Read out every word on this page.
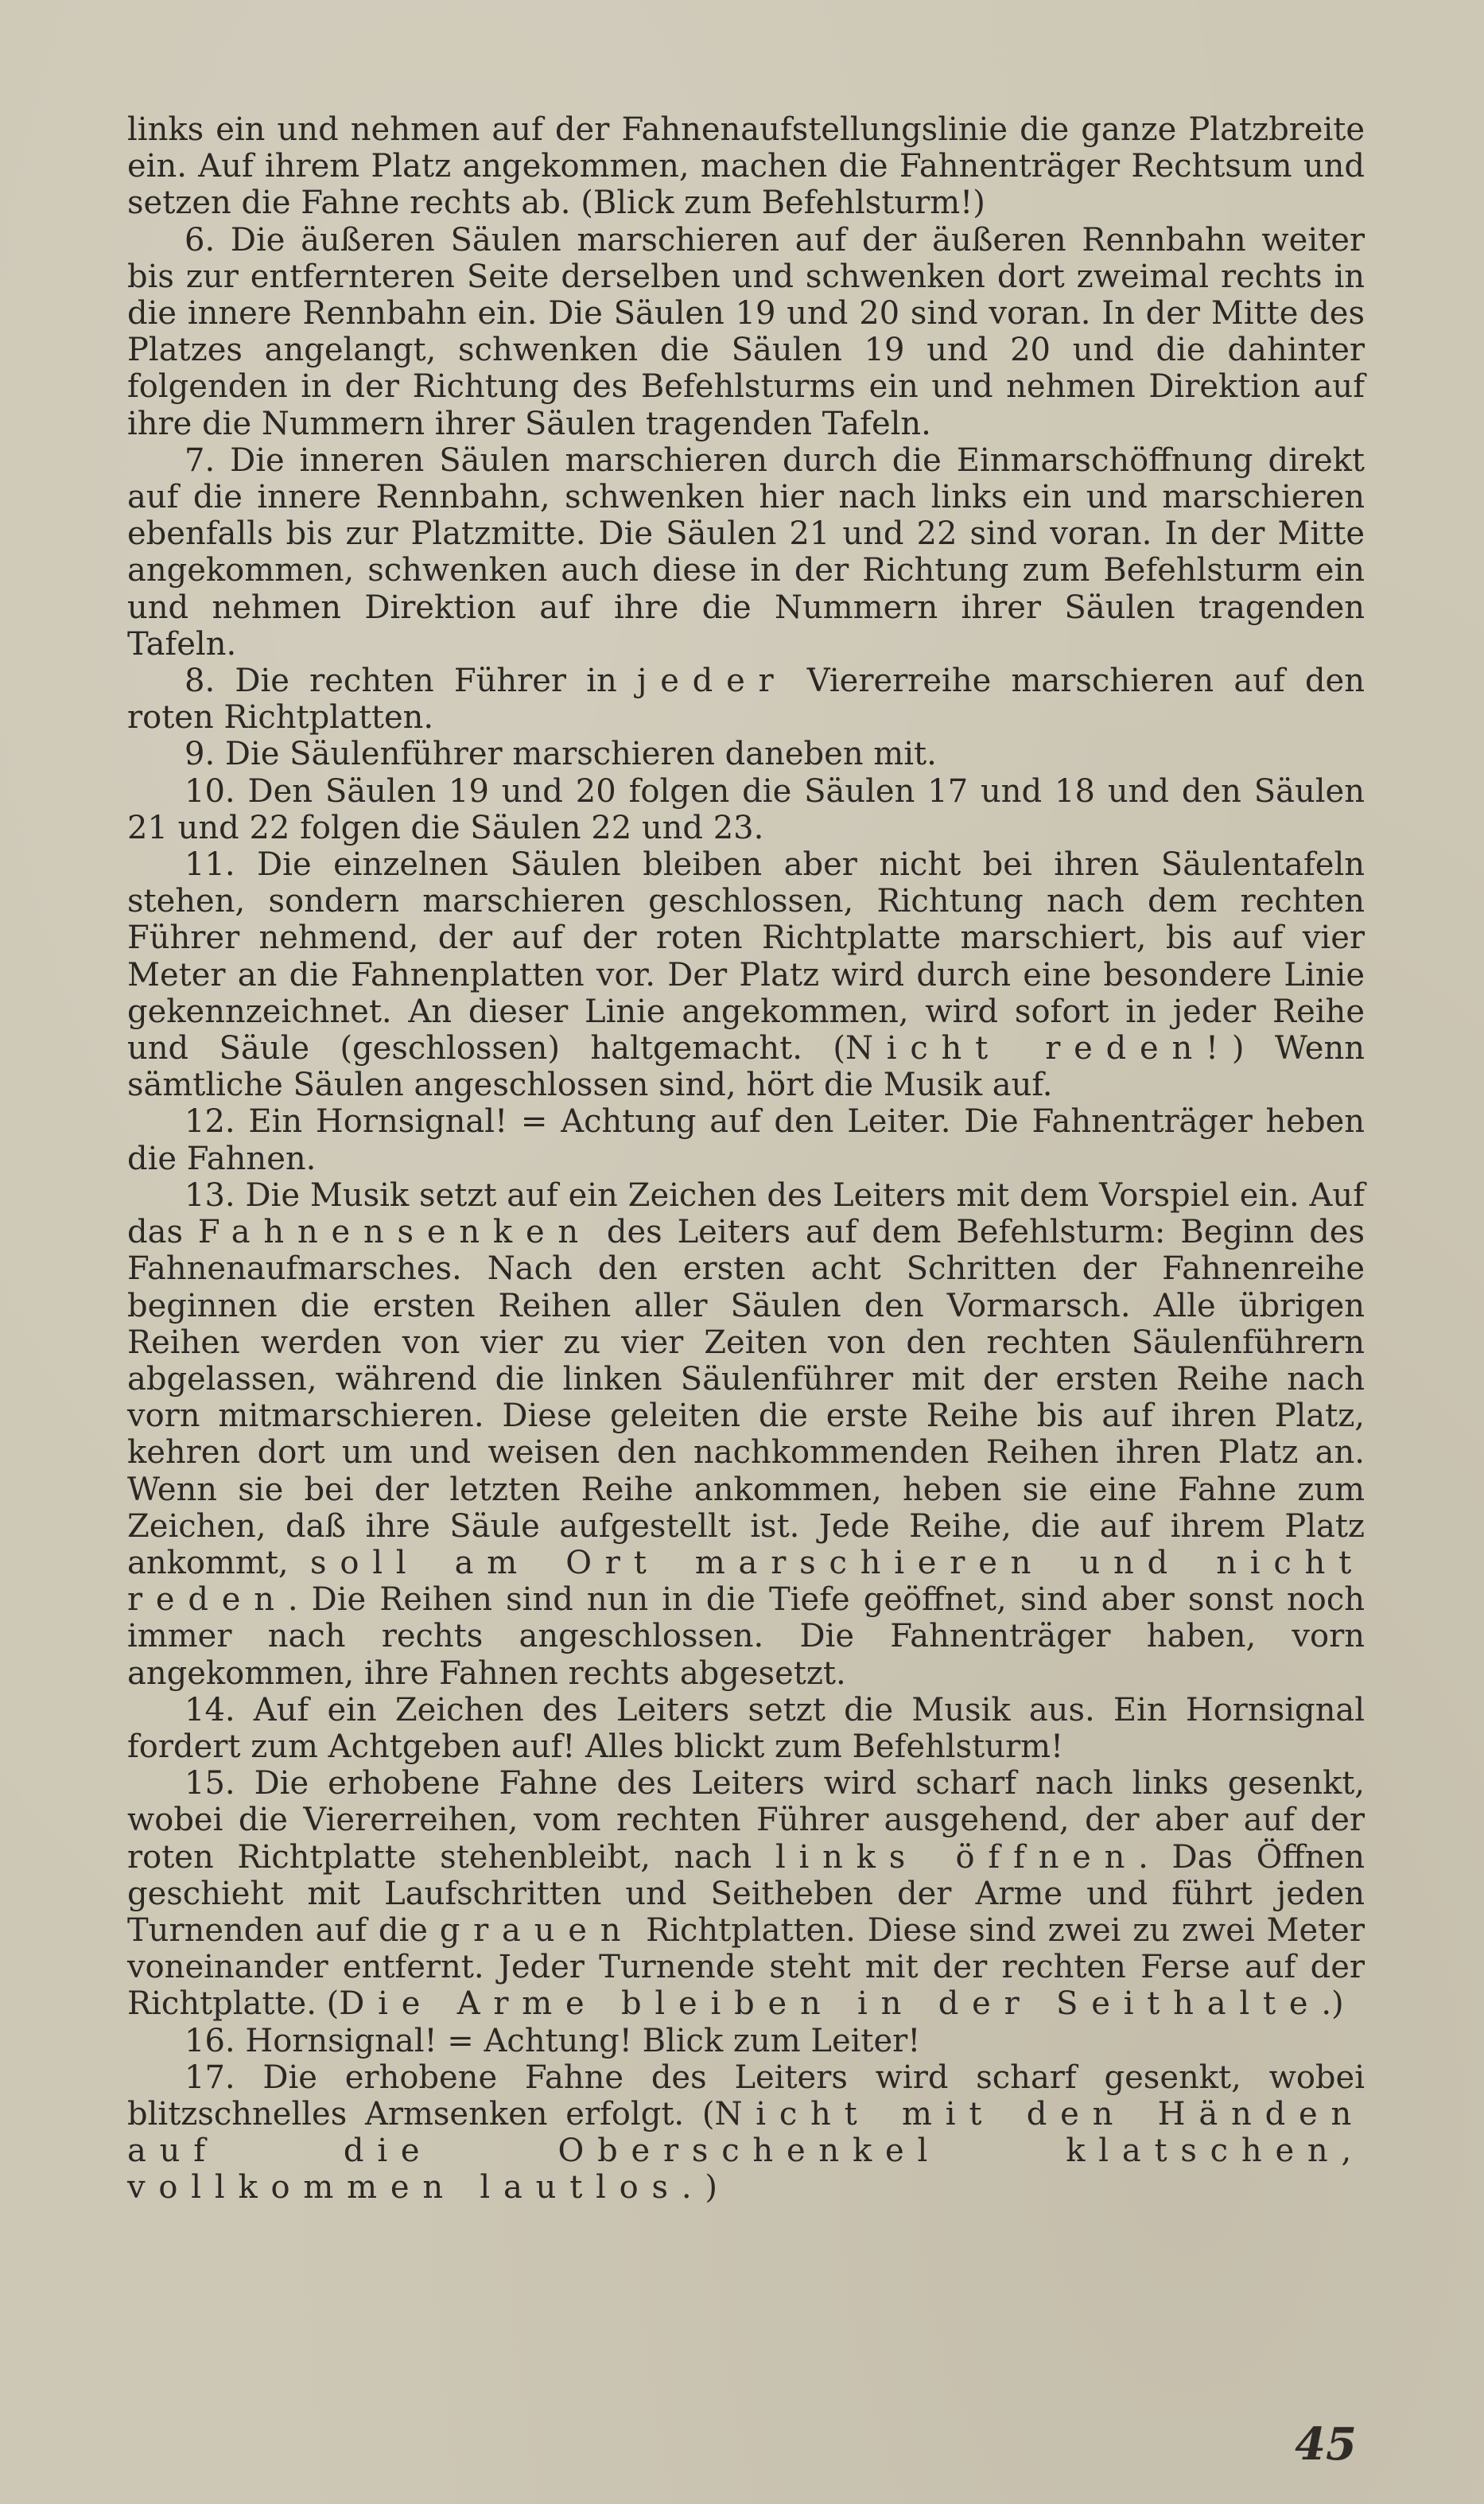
links ein und nehmen auf der Fahnenaufstellungslinie die ganze Platzbreite ein. Auf ihrem Platz angekommen, machen die Fahnenträger Rechtsum und setzen die Fahne rechts ab. (Blick zum Befehlsturm!)

6. Die äußeren Säulen marschieren auf der äußeren Rennbahn weiter bis zur entfernteren Seite derselben und schwenken dort zweimal rechts in die innere Rennbahn ein. Die Säulen 19 und 20 sind voran. In der Mitte des Platzes angelangt, schwenken die Säulen 19 und 20 und die dahinter folgenden in der Richtung des Befehlsturms ein und nehmen Direktion auf ihre die Nummern ihrer Säulen tragenden Tafeln.

7. Die inneren Säulen marschieren durch die Einmarschöffnung direkt auf die innere Rennbahn, schwenken hier nach links ein und marschieren ebenfalls bis zur Platzmitte. Die Säulen 21 und 22 sind voran. In der Mitte angekommen, schwenken auch diese in der Richtung zum Befehlsturm ein und nehmen Direktion auf ihre die Nummern ihrer Säulen tragenden Tafeln.

8. Die rechten Führer in jeder Viererreihe marschieren auf den roten Richtplatten.

9. Die Säulenführer marschieren daneben mit.

10. Den Säulen 19 und 20 folgen die Säulen 17 und 18 und den Säulen 21 und 22 folgen die Säulen 22 und 23.

11. Die einzelnen Säulen bleiben aber nicht bei ihren Säulentafeln stehen, sondern marschieren geschlossen, Richtung nach dem rechten Führer nehmend, der auf der roten Richtplatte marschiert, bis auf vier Meter an die Fahnenplatten vor. Der Platz wird durch eine besondere Linie gekennzeichnet. An dieser Linie angekommen, wird sofort in jeder Reihe und Säule (geschlossen) haltgemacht. (Nicht reden!) Wenn sämtliche Säulen angeschlossen sind, hört die Musik auf.

12. Ein Hornsignal! = Achtung auf den Leiter. Die Fahnenträger heben die Fahnen.

13. Die Musik setzt auf ein Zeichen des Leiters mit dem Vorspiel ein. Auf das Fahnensenken des Leiters auf dem Befehlsturm: Beginn des Fahnenaufmarsches. Nach den ersten acht Schritten der Fahnenreihe beginnen die ersten Reihen aller Säulen den Vormarsch. Alle übrigen Reihen werden von vier zu vier Zeiten von den rechten Säulenführern abgelassen, während die linken Säulenführer mit der ersten Reihe nach vorn mitmarschieren. Diese geleiten die erste Reihe bis auf ihren Platz, kehren dort um und weisen den nachkommenden Reihen ihren Platz an. Wenn sie bei der letzten Reihe ankommen, heben sie eine Fahne zum Zeichen, daß ihre Säule aufgestellt ist. Jede Reihe, die auf ihrem Platz ankommt, soll am Ort marschieren und nicht reden. Die Reihen sind nun in die Tiefe geöffnet, sind aber sonst noch immer nach rechts angeschlossen. Die Fahnenträger haben, vorn angekommen, ihre Fahnen rechts abgesetzt.

14. Auf ein Zeichen des Leiters setzt die Musik aus. Ein Hornsignal fordert zum Achtgeben auf! Alles blickt zum Befehlsturm!

15. Die erhobene Fahne des Leiters wird scharf nach links gesenkt, wobei die Viererreihen, vom rechten Führer ausgehend, der aber auf der roten Richtplatte stehenbleibt, nach links öffnen. Das Öffnen geschieht mit Laufschritten und Seitheben der Arme und führt jeden Turnenden auf die grauen Richtplatten. Diese sind zwei zu zwei Meter voneinander entfernt. Jeder Turnende steht mit der rechten Ferse auf der Richtplatte. (Die Arme bleiben in der Seithalte.)

16. Hornsignal! = Achtung! Blick zum Leiter!

17. Die erhobene Fahne des Leiters wird scharf gesenkt, wobei blitzschnelles Armsenken erfolgt. (Nicht mit den Händen auf die Oberschenkel klatschen, vollkommen lautlos.)

45
